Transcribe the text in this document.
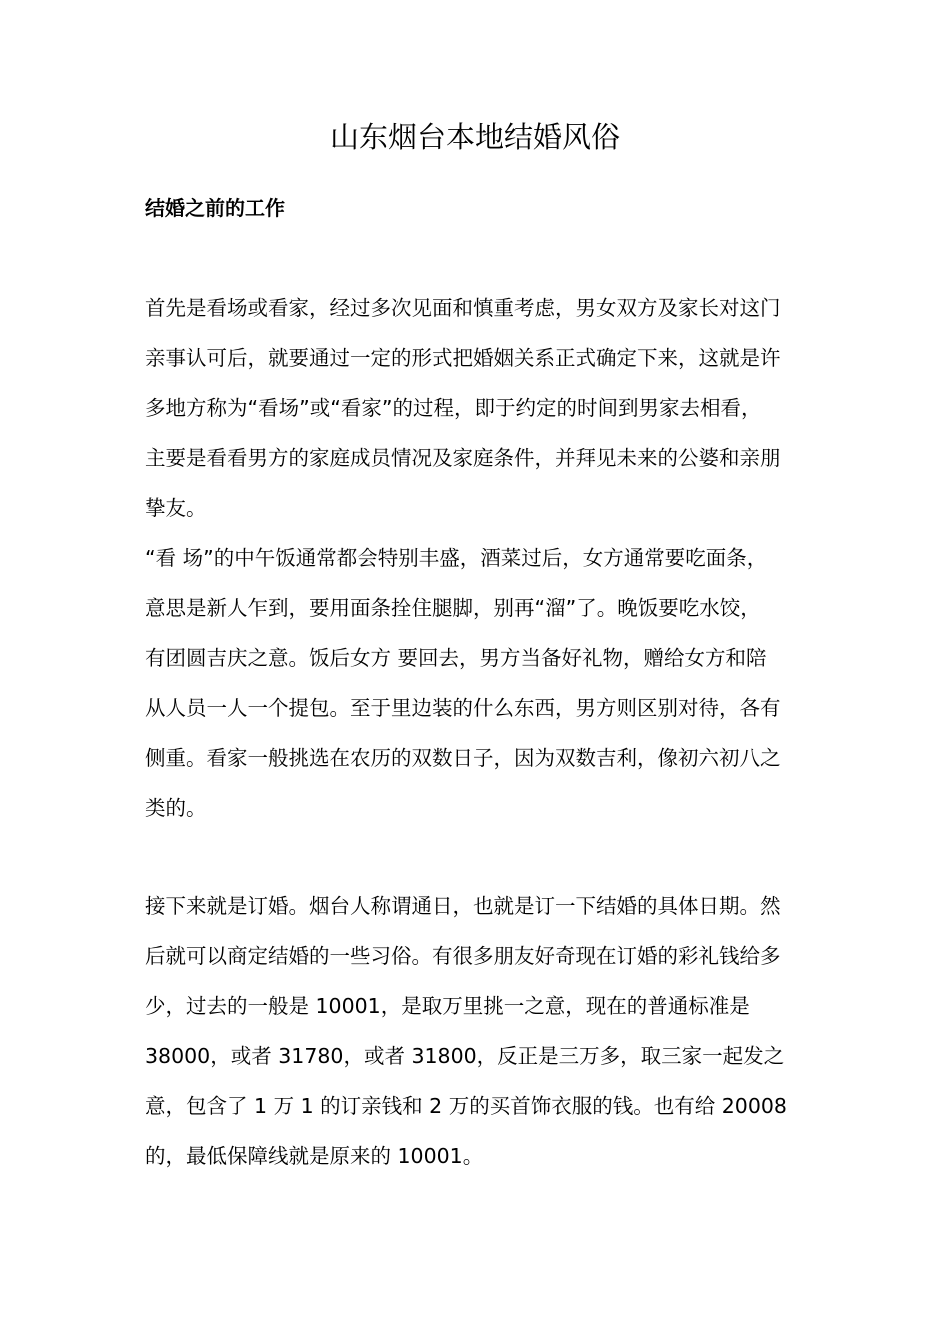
山东烟台本地结婚风俗
结婚之前的工作
首先是看场或看家，经过多次见面和慎重考虑，男女双方及家长对这门
亲事认可后，就要通过一定的形式把婚姻关系正式确定下来，这就是许
多地方称为“看场”或“看家”的过程，即于约定的时间到男家去相看，
主要是看看男方的家庭成员情况及家庭条件，并拜见未来的公婆和亲朋
挚友。
“看 场”的中午饭通常都会特别丰盛，酒菜过后，女方通常要吃面条，
意思是新人乍到，要用面条拴住腿脚，别再“溜”了。晚饭要吃水饺，
有团圆吉庆之意。饭后女方 要回去，男方当备好礼物，赠给女方和陪
从人员一人一个提包。至于里边装的什么东西，男方则区别对待，各有
侧重。看家一般挑选在农历的双数日子，因为双数吉利，像初六初八之
类的。
接下来就是订婚。烟台人称谓通日，也就是订一下结婚的具体日期。然
后就可以商定结婚的一些习俗。有很多朋友好奇现在订婚的彩礼钱给多
少，过去的一般是 10001，是取万里挑一之意，现在的普通标准是
38000，或者 31780，或者 31800，反正是三万多，取三家一起发之
意，包含了 1 万 1 的订亲钱和 2 万的买首饰衣服的钱。也有给 20008
的，最低保障线就是原来的 10001。
